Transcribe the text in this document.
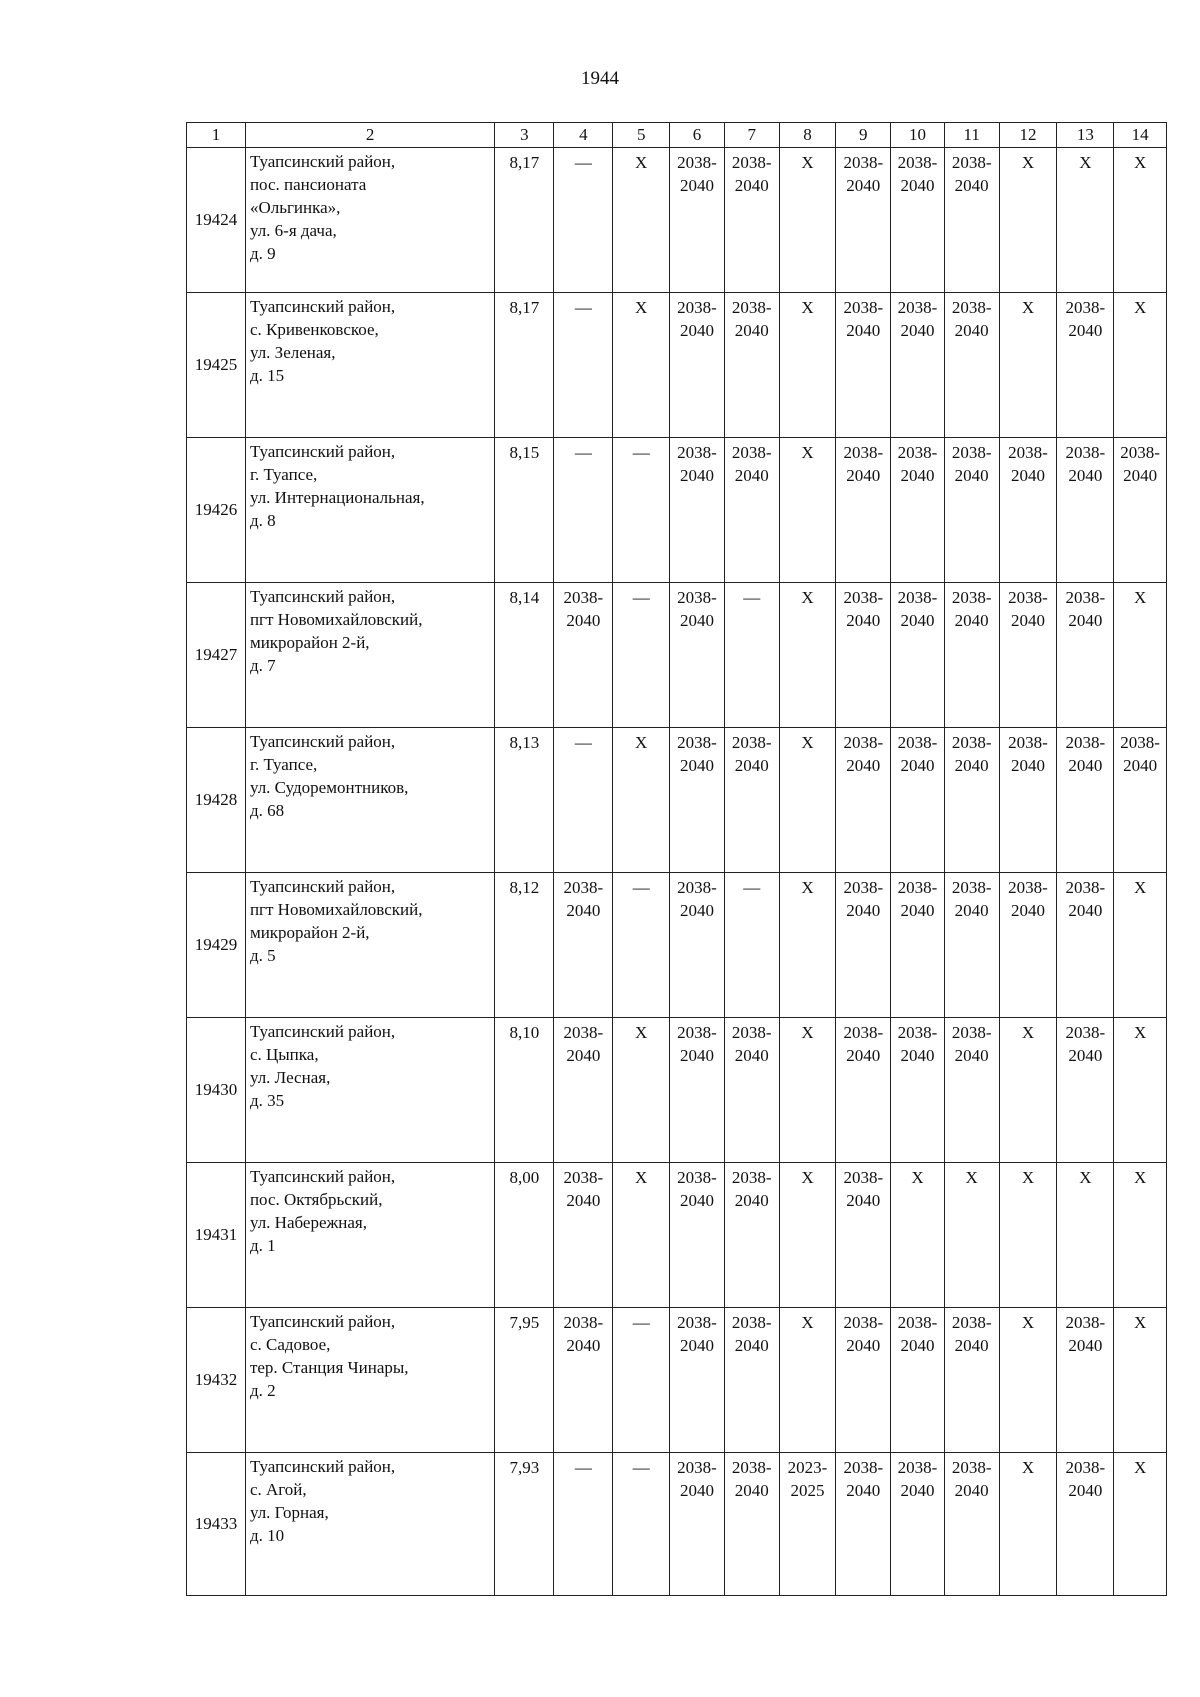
1944
1	2	3	4	5	6	7	8	9	10	11	12	13	14
19424	Туапсинский район,
пос. пансионата
«Ольгинка»,
ул. 6-я дача,
д. 9	8,17	—	X	2038-
2040	2038-
2040	X	2038-
2040	2038-
2040	2038-
2040	X	X	X
19425	Туапсинский район,
с. Кривенковское,
ул. Зеленая,
д. 15	8,17	—	X	2038-
2040	2038-
2040	X	2038-
2040	2038-
2040	2038-
2040	X	2038-
2040	X
19426	Туапсинский район,
г. Туапсе,
ул. Интернациональная,
д. 8	8,15	—	—	2038-
2040	2038-
2040	X	2038-
2040	2038-
2040	2038-
2040	2038-
2040	2038-
2040	2038-
2040
19427	Туапсинский район,
пгт Новомихайловский,
микрорайон 2-й,
д. 7	8,14	2038-
2040	—	2038-
2040	—	X	2038-
2040	2038-
2040	2038-
2040	2038-
2040	2038-
2040	X
19428	Туапсинский район,
г. Туапсе,
ул. Судоремонтников,
д. 68	8,13	—	X	2038-
2040	2038-
2040	X	2038-
2040	2038-
2040	2038-
2040	2038-
2040	2038-
2040	2038-
2040
19429	Туапсинский район,
пгт Новомихайловский,
микрорайон 2-й,
д. 5	8,12	2038-
2040	—	2038-
2040	—	X	2038-
2040	2038-
2040	2038-
2040	2038-
2040	2038-
2040	X
19430	Туапсинский район,
с. Цыпка,
ул. Лесная,
д. 35	8,10	2038-
2040	X	2038-
2040	2038-
2040	X	2038-
2040	2038-
2040	2038-
2040	X	2038-
2040	X
19431	Туапсинский район,
пос. Октябрьский,
ул. Набережная,
д. 1	8,00	2038-
2040	X	2038-
2040	2038-
2040	X	2038-
2040	X	X	X	X	X
19432	Туапсинский район,
с. Садовое,
тер. Станция Чинары,
д. 2	7,95	2038-
2040	—	2038-
2040	2038-
2040	X	2038-
2040	2038-
2040	2038-
2040	X	2038-
2040	X
19433	Туапсинский район,
с. Агой,
ул. Горная,
д. 10	7,93	—	—	2038-
2040	2038-
2040	2023-
2025	2038-
2040	2038-
2040	2038-
2040	X	2038-
2040	X
